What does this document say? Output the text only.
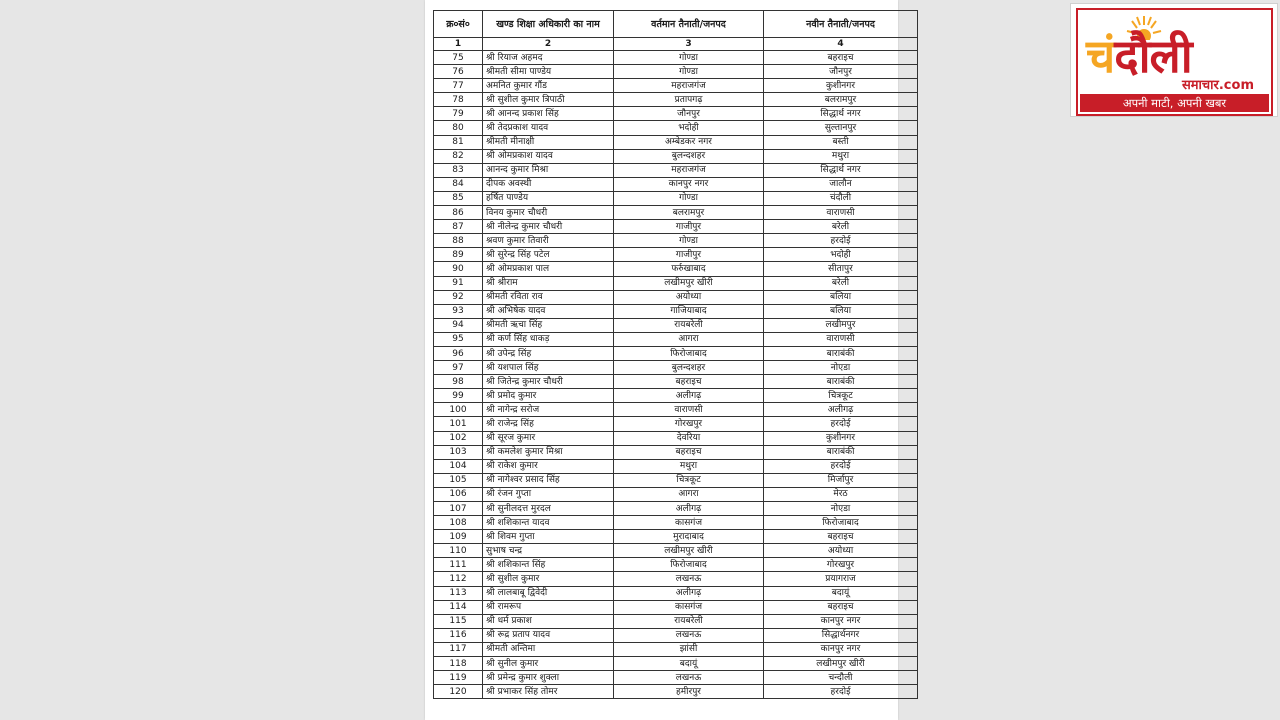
क्र०सं०	खण्ड शिक्षा अधिकारी का नाम	वर्तमान तैनाती/जनपद	नवीन तैनाती/जनपद
1	2	3	4
75	श्री रियाज अहमद	गोण्डा	बहराइच
76	श्रीमती सीमा पाण्डेय	गोण्डा	जौनपुर
77	अमनित कुमार गौंड	महराजगंज	कुशीनगर
78	श्री सुशील कुमार त्रिपाठी	प्रतापगढ़	बलरामपुर
79	श्री आनन्द प्रकाश सिंह	जौनपुर	सिद्धार्थ नगर
80	श्री तेदप्रकाश यादव	भदोही	सुल्तानपुर
81	श्रीमती मीनाक्षी	अम्बेडकर नगर	बस्ती
82	श्री ओमप्रकाश यादव	बुलन्दशहर	मथुरा
83	आनन्द कुमार मिश्रा	महराजगंज	सिद्धार्थ नगर
84	दीपक अवस्थी	कानपुर नगर	जालौन
85	हर्षित पाण्डेय	गोण्डा	चंदौली
86	विनय कुमार चौधरी	बलरामपुर	वाराणसी
87	श्री नीलेन्द्र कुमार चौधरी	गाजीपुर	बरेली
88	श्रवण कुमार तिवारी	गोण्डा	हरदोई
89	श्री सुरेन्द्र सिंह पटेल	गाजीपुर	भदोही
90	श्री ओमप्रकाश पाल	फर्रुखाबाद	सीतापुर
91	श्री श्रीराम	लखीमपुर खीरी	बरेली
92	श्रीमती रविता राव	अयोध्या	बलिया
93	श्री अभिषेक यादव	गाजियाबाद	बलिया
94	श्रीमती ऋचा सिंह	रायबरेली	लखीमपुर
95	श्री कर्ण सिंह धाकड़	आगरा	वाराणसी
96	श्री उपेन्द्र सिंह	फिरोजाबाद	बाराबंकी
97	श्री यशपाल सिंह	बुलन्दशहर	नोएडा
98	श्री जितेन्द्र कुमार चौधरी	बहराइच	बाराबंकी
99	श्री प्रमोद कुमार	अलीगढ़	चित्रकूट
100	श्री नागेन्द्र सरोज	वाराणसी	अलीगढ़
101	श्री राजेन्द्र सिंह	गोरखपुर	हरदोई
102	श्री सूरज कुमार	देवरिया	कुशीनगर
103	श्री कमलेश कुमार मिश्रा	बहराइच	बाराबंकी
104	श्री राकेश कुमार	मथुरा	हरदोई
105	श्री नागेश्वर प्रसाद सिंह	चित्रकूट	मिर्जापुर
106	श्री रंजन गुप्ता	आगरा	मेरठ
107	श्री सुनीलदत्त मुरदल	अलीगढ़	नोएडा
108	श्री शशिकान्त यादव	कासगंज	फिरोजाबाद
109	श्री शिवम गुप्ता	मुरादाबाद	बहराइच
110	सुभाष चन्द्र	लखीमपुर खीरी	अयोध्या
111	श्री शशिकान्त सिंह	फिरोजाबाद	गोरखपुर
112	श्री सुशील कुमार	लखनऊ	प्रयागराज
113	श्री लालबाबू द्विवेदी	अलीगढ़	बदायूं
114	श्री रामरूप	कासगंज	बहराइच
115	श्री धर्म प्रकाश	रायबरेली	कानपुर नगर
116	श्री रूद्र प्रताप यादव	लखनऊ	सिद्धार्थनगर
117	श्रीमती अन्तिमा	झांसी	कानपुर नगर
118	श्री सुनील कुमार	बदायूं	लखीमपुर खीरी
119	श्री प्रमेन्द्र कुमार शुक्ला	लखनऊ	चन्दौली
120	श्री प्रभाकर सिंह तोमर	हमीरपुर	हरदोई
चंदौली
समाचार.com
अपनी माटी, अपनी खबर
